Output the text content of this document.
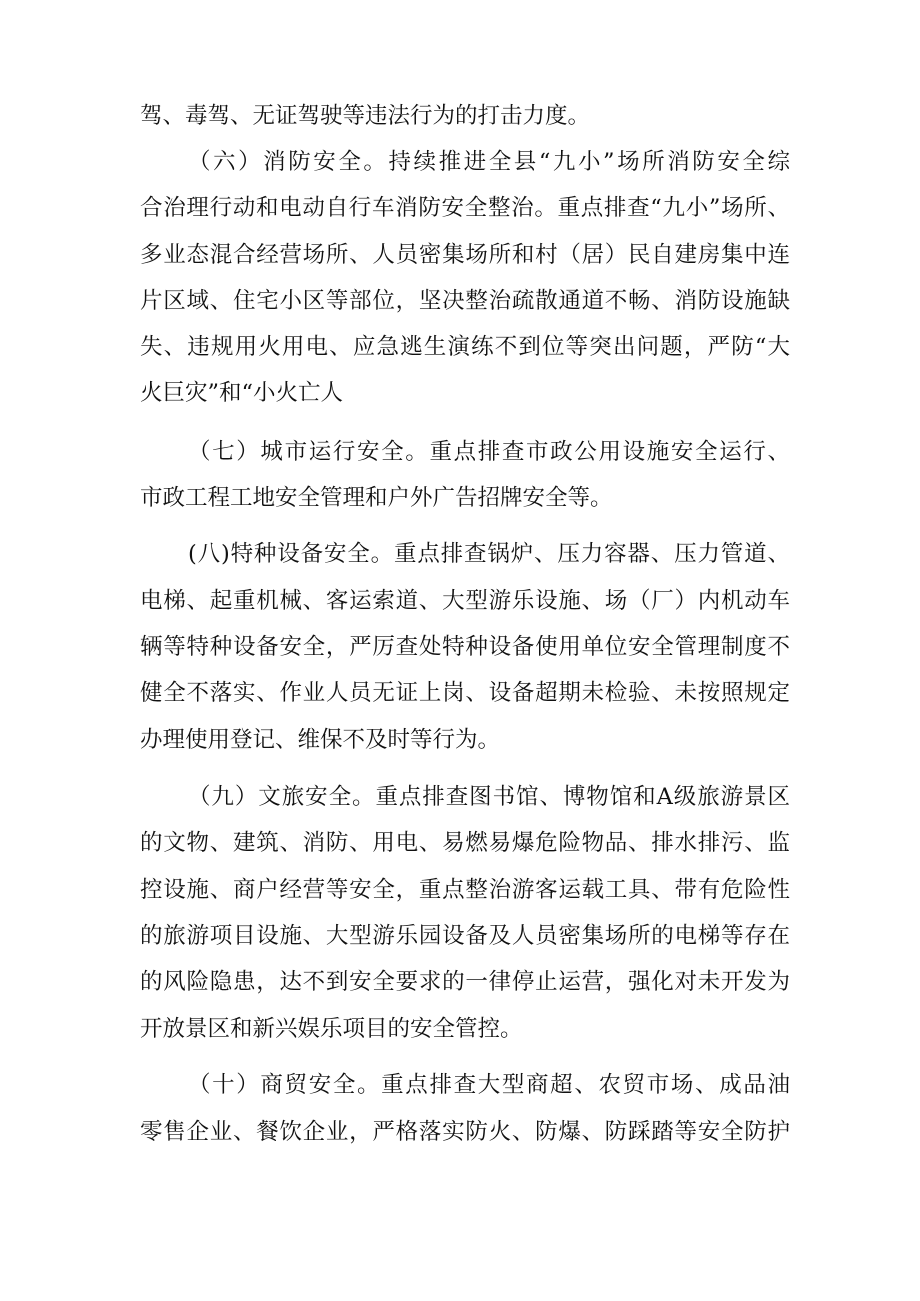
驾、毒驾、无证驾驶等违法行为的打击力度。
（六）消防安全。持续推进全县“九小”场所消防安全综
合治理行动和电动自行车消防安全整治。重点排查“九小”场所、
多业态混合经营场所、人员密集场所和村（居）民自建房集中连
片区域、住宅小区等部位，坚决整治疏散通道不畅、消防设施缺
失、违规用火用电、应急逃生演练不到位等突出问题，严防“大
火巨灾”和“小火亡人
（七）城市运行安全。重点排查市政公用设施安全运行、
市政工程工地安全管理和户外广告招牌安全等。
(八)特种设备安全。重点排查锅炉、压力容器、压力管道、
电梯、起重机械、客运索道、大型游乐设施、场（厂）内机动车
辆等特种设备安全，严厉查处特种设备使用单位安全管理制度不
健全不落实、作业人员无证上岗、设备超期未检验、未按照规定
办理使用登记、维保不及时等行为。
（九）文旅安全。重点排查图书馆、博物馆和A级旅游景区
的文物、建筑、消防、用电、易燃易爆危险物品、排水排污、监
控设施、商户经营等安全，重点整治游客运载工具、带有危险性
的旅游项目设施、大型游乐园设备及人员密集场所的电梯等存在
的风险隐患，达不到安全要求的一律停止运营，强化对未开发为
开放景区和新兴娱乐项目的安全管控。
（十）商贸安全。重点排查大型商超、农贸市场、成品油
零售企业、餐饮企业，严格落实防火、防爆、防踩踏等安全防护
